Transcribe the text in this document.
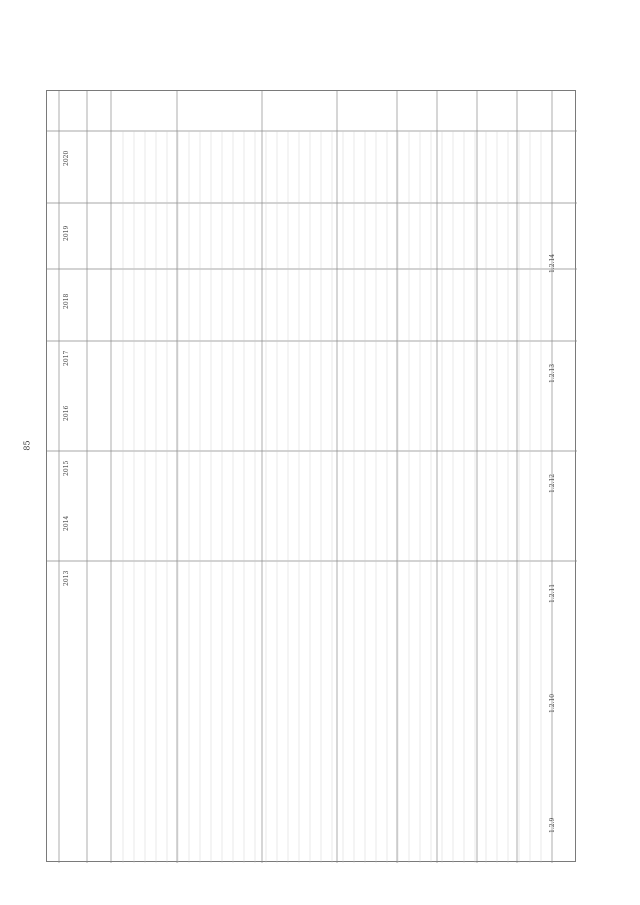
85
2020
2019
2018
2017
2016
2015
2014
2013
1.2.9
1.2.10
1.2.11
1.2.12
1.2.13
1.2.14
